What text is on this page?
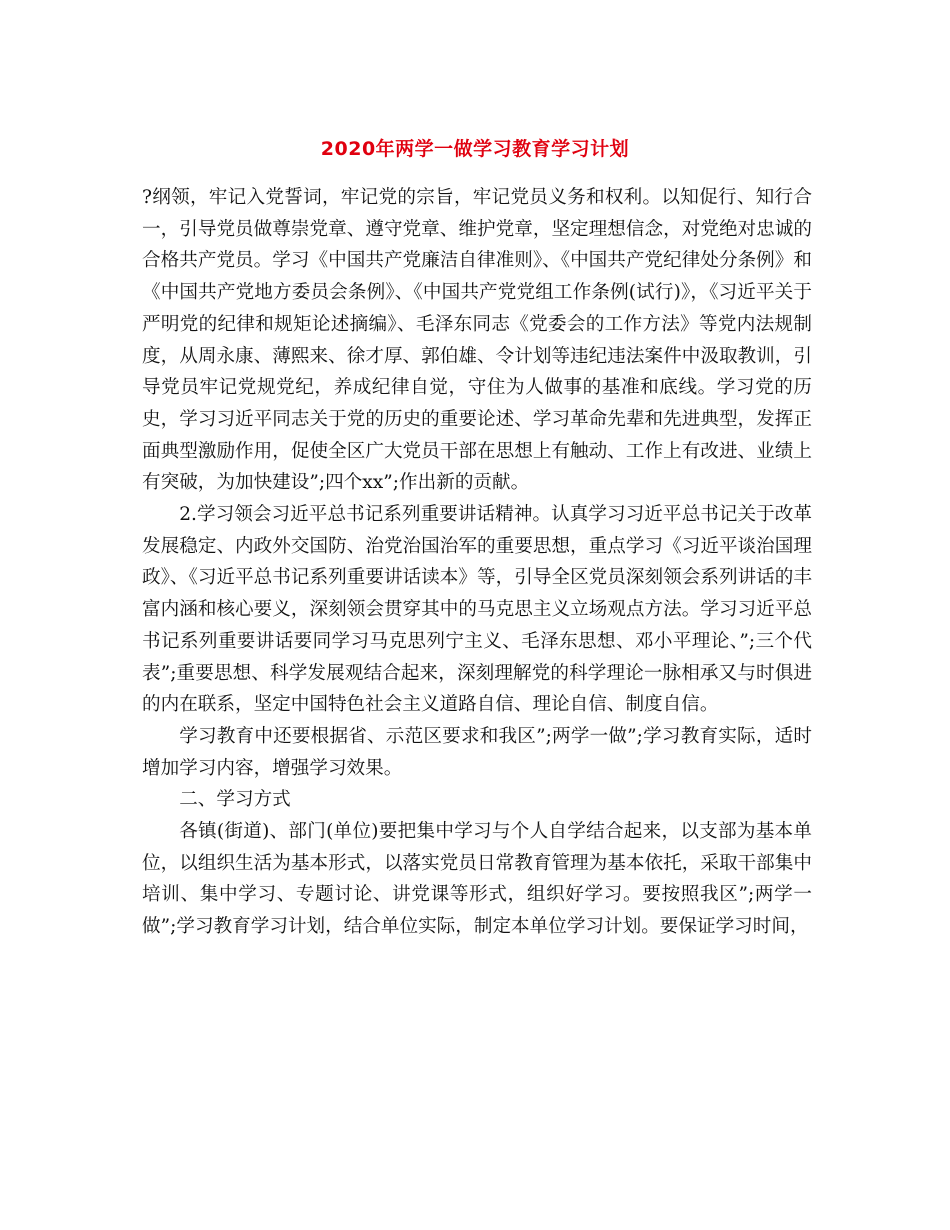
2020年两学一做学习教育学习计划

?纲领，牢记入党誓词，牢记党的宗旨，牢记党员义务和权利。以知促行、知行合一，引导党员做尊崇党章、遵守党章、维护党章，坚定理想信念，对党绝对忠诚的合格共产党员。学习《中国共产党廉洁自律准则》、《中国共产党纪律处分条例》和《中国共产党地方委员会条例》、《中国共产党党组工作条例(试行)》，《习近平关于严明党的纪律和规矩论述摘编》、毛泽东同志《党委会的工作方法》等党内法规制度，从周永康、薄熙来、徐才厚、郭伯雄、令计划等违纪违法案件中汲取教训，引导党员牢记党规党纪，养成纪律自觉，守住为人做事的基准和底线。学习党的历史，学习习近平同志关于党的历史的重要论述、学习革命先辈和先进典型，发挥正面典型激励作用，促使全区广大党员干部在思想上有触动、工作上有改进、业绩上有突破，为加快建设”;四个xx”;作出新的贡献。

2.学习领会习近平总书记系列重要讲话精神。认真学习习近平总书记关于改革发展稳定、内政外交国防、治党治国治军的重要思想，重点学习《习近平谈治国理政》、《习近平总书记系列重要讲话读本》等，引导全区党员深刻领会系列讲话的丰富内涵和核心要义，深刻领会贯穿其中的马克思主义立场观点方法。学习习近平总书记系列重要讲话要同学习马克思列宁主义、毛泽东思想、邓小平理论、”;三个代表”;重要思想、科学发展观结合起来，深刻理解党的科学理论一脉相承又与时俱进的内在联系，坚定中国特色社会主义道路自信、理论自信、制度自信。

学习教育中还要根据省、示范区要求和我区”;两学一做”;学习教育实际，适时增加学习内容，增强学习效果。

二、学习方式

各镇(街道)、部门(单位)要把集中学习与个人自学结合起来，以支部为基本单位，以组织生活为基本形式，以落实党员日常教育管理为基本依托，采取干部集中培训、集中学习、专题讨论、讲党课等形式，组织好学习。要按照我区”;两学一做”;学习教育学习计划，结合单位实际，制定本单位学习计划。要保证学习时间，
